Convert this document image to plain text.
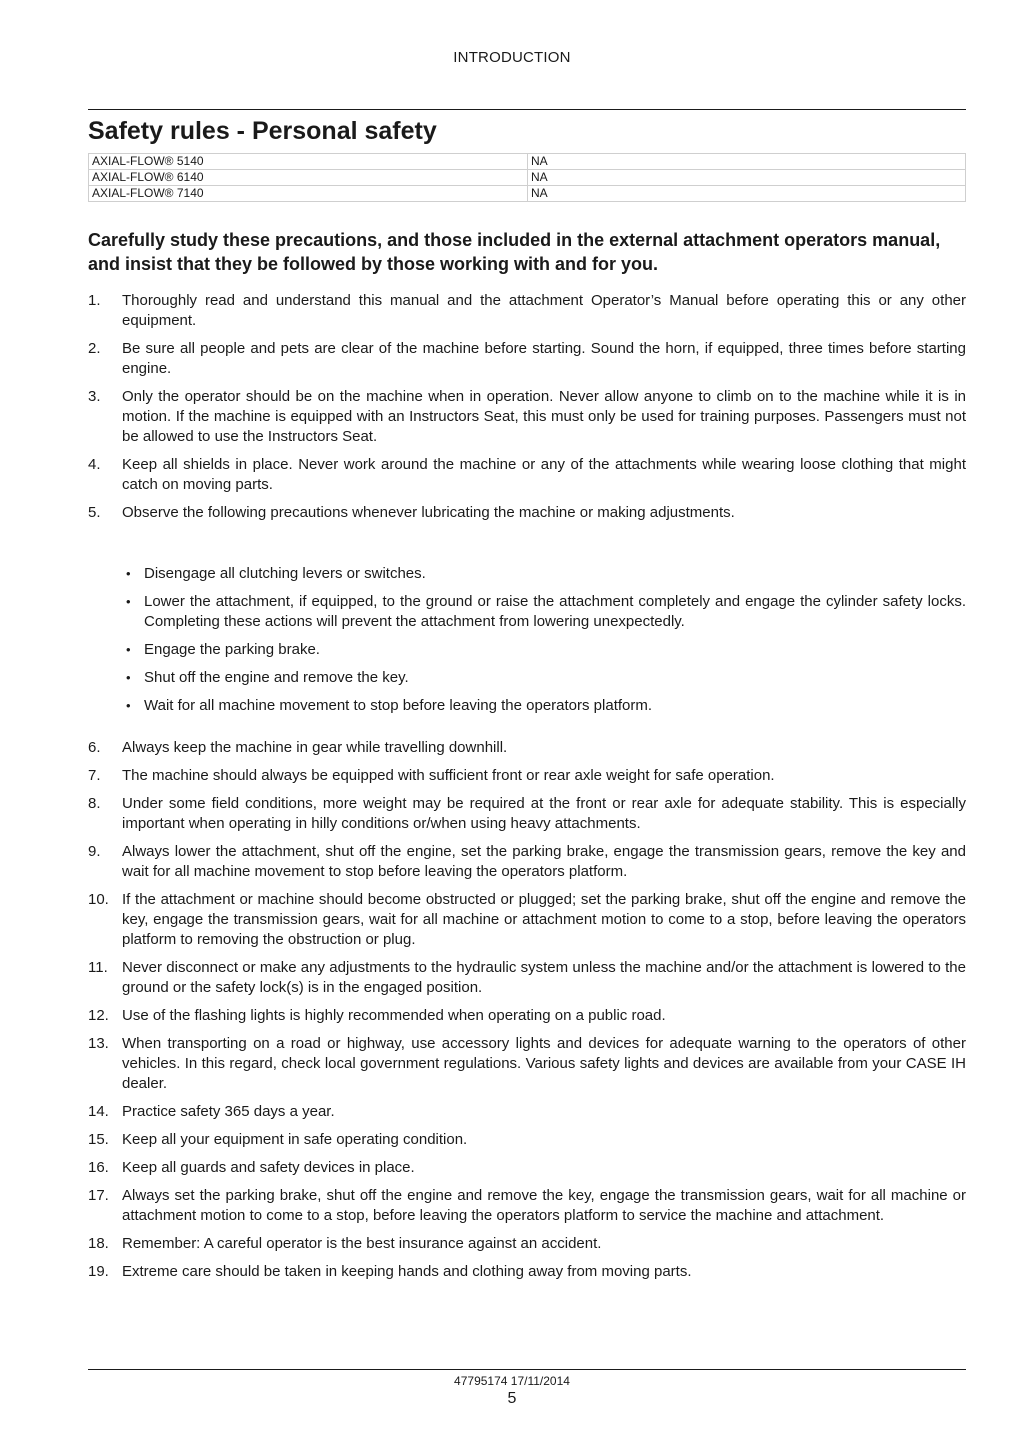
INTRODUCTION
Safety rules - Personal safety
AXIAL-FLOW® 5140	NA
AXIAL-FLOW® 6140	NA
AXIAL-FLOW® 7140	NA

Carefully study these precautions, and those included in the external attachment operators manual, and insist that they be followed by those working with and for you.

1. Thoroughly read and understand this manual and the attachment Operator’s Manual before operating this or any other equipment.
2. Be sure all people and pets are clear of the machine before starting. Sound the horn, if equipped, three times before starting engine.
3. Only the operator should be on the machine when in operation. Never allow anyone to climb on to the machine while it is in motion. If the machine is equipped with an Instructors Seat, this must only be used for training purposes. Passengers must not be allowed to use the Instructors Seat.
4. Keep all shields in place. Never work around the machine or any of the attachments while wearing loose clothing that might catch on moving parts.
5. Observe the following precautions whenever lubricating the machine or making adjustments.
• Disengage all clutching levers or switches.
• Lower the attachment, if equipped, to the ground or raise the attachment completely and engage the cylinder safety locks. Completing these actions will prevent the attachment from lowering unexpectedly.
• Engage the parking brake.
• Shut off the engine and remove the key.
• Wait for all machine movement to stop before leaving the operators platform.
6. Always keep the machine in gear while travelling downhill.
7. The machine should always be equipped with sufficient front or rear axle weight for safe operation.
8. Under some field conditions, more weight may be required at the front or rear axle for adequate stability. This is especially important when operating in hilly conditions or/when using heavy attachments.
9. Always lower the attachment, shut off the engine, set the parking brake, engage the transmission gears, remove the key and wait for all machine movement to stop before leaving the operators platform.
10. If the attachment or machine should become obstructed or plugged; set the parking brake, shut off the engine and remove the key, engage the transmission gears, wait for all machine or attachment motion to come to a stop, before leaving the operators platform to removing the obstruction or plug.
11. Never disconnect or make any adjustments to the hydraulic system unless the machine and/or the attachment is lowered to the ground or the safety lock(s) is in the engaged position.
12. Use of the flashing lights is highly recommended when operating on a public road.
13. When transporting on a road or highway, use accessory lights and devices for adequate warning to the operators of other vehicles. In this regard, check local government regulations. Various safety lights and devices are available from your CASE IH dealer.
14. Practice safety 365 days a year.
15. Keep all your equipment in safe operating condition.
16. Keep all guards and safety devices in place.
17. Always set the parking brake, shut off the engine and remove the key, engage the transmission gears, wait for all machine or attachment motion to come to a stop, before leaving the operators platform to service the machine and attachment.
18. Remember: A careful operator is the best insurance against an accident.
19. Extreme care should be taken in keeping hands and clothing away from moving parts.
47795174 17/11/2014
5
